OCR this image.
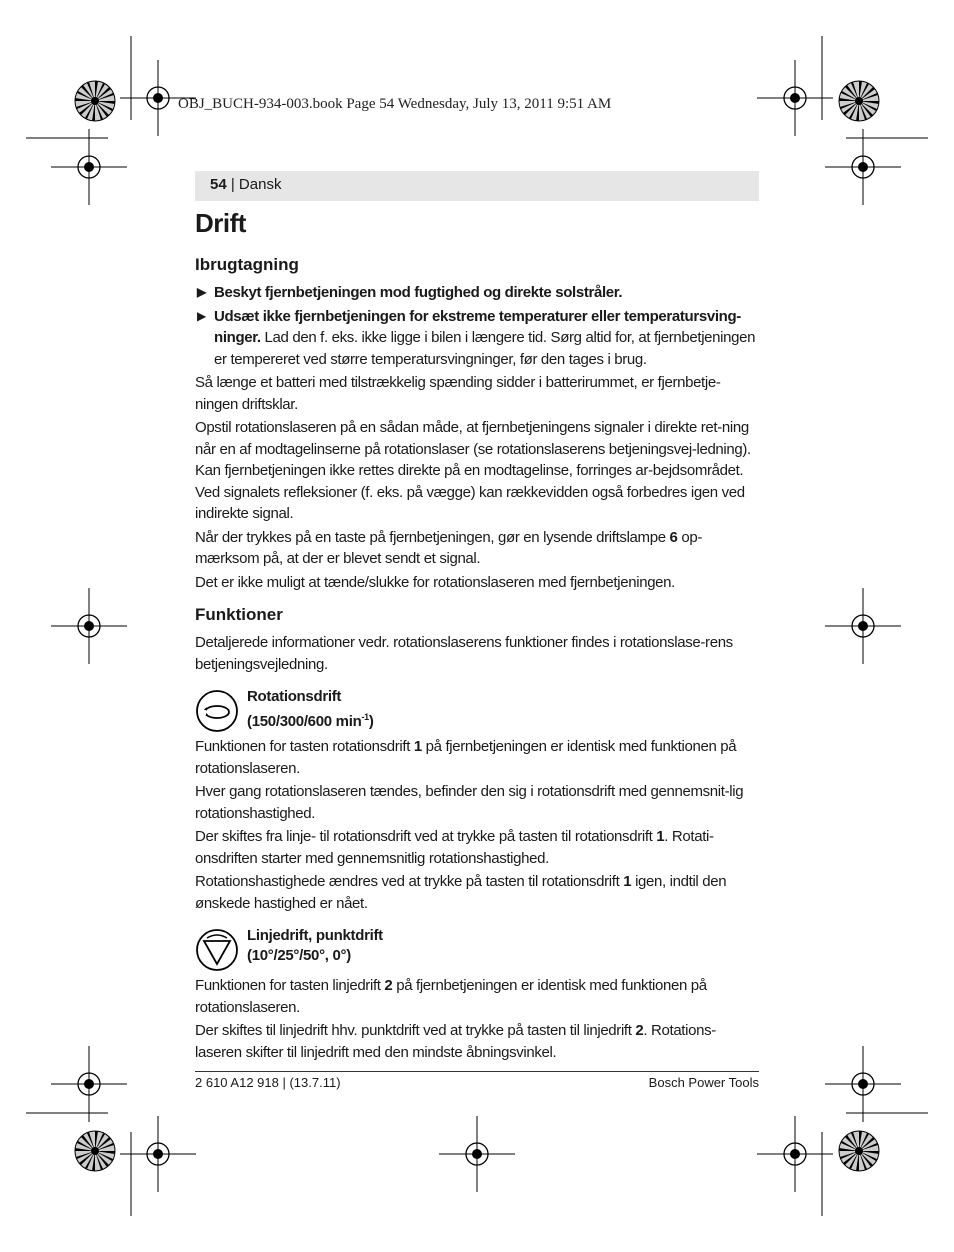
OBJ_BUCH-934-003.book Page 54 Wednesday, July 13, 2011 9:51 AM
54 | Dansk
Drift
Ibrugtagning
▶ Beskyt fjernbetjeningen mod fugtighed og direkte solstråler.
▶ Udsæt ikke fjernbetjeningen for ekstreme temperaturer eller temperatursving-ninger. Lad den f. eks. ikke ligge i bilen i længere tid. Sørg altid for, at fjernbetjeningen er tempereret ved større temperatursvingninger, før den tages i brug.

Så længe et batteri med tilstrækkelig spænding sidder i batterirummet, er fjernbetje-ningen driftsklar.

Opstil rotationslaseren på en sådan måde, at fjernbetjeningens signaler i direkte ret-ning når en af modtagelinserne på rotationslaser (se rotationslaserens betjeningsvej-ledning). Kan fjernbetjeningen ikke rettes direkte på en modtagelinse, forringes ar-bejdsområdet. Ved signalets refleksioner (f. eks. på vægge) kan rækkevidden også forbedres igen ved indirekte signal.

Når der trykkes på en taste på fjernbetjeningen, gør en lysende driftslampe 6 op-mærksom på, at der er blevet sendt et signal.

Det er ikke muligt at tænde/slukke for rotationslaseren med fjernbetjeningen.

Funktioner

Detaljerede informationer vedr. rotationslaserens funktioner findes i rotationslase-rens betjeningsvejledning.

Rotationsdrift
(150/300/600 $\min^{-1}$)

Funktionen for tasten rotationsdrift 1 på fjernbetjeningen er identisk med funktionen på rotationslaseren.

Hver gang rotationslaseren tændes, befinder den sig i rotationsdrift med gennemsnit-lig rotationshastighed.

Der skiftes fra linje- til rotationsdrift ved at trykke på tasten til rotationsdrift 1. Rotati-onsdriften starter med gennemsnitlig rotationshastighed.

Rotationshastighede ændres ved at trykke på tasten til rotationsdrift 1 igen, indtil den ønskede hastighed er nået.

Linjedrift, punktdrift
(10°/25°/50°, 0°)

Funktionen for tasten linjedrift 2 på fjernbetjeningen er identisk med funktionen på rotationslaseren.

Der skiftes til linjedrift hhv. punktdrift ved at trykke på tasten til linjedrift 2. Rotations-laseren skifter til linjedrift med den mindste åbningsvinkel.

2 610 A12 918 | (13.7.11)	Bosch Power Tools
